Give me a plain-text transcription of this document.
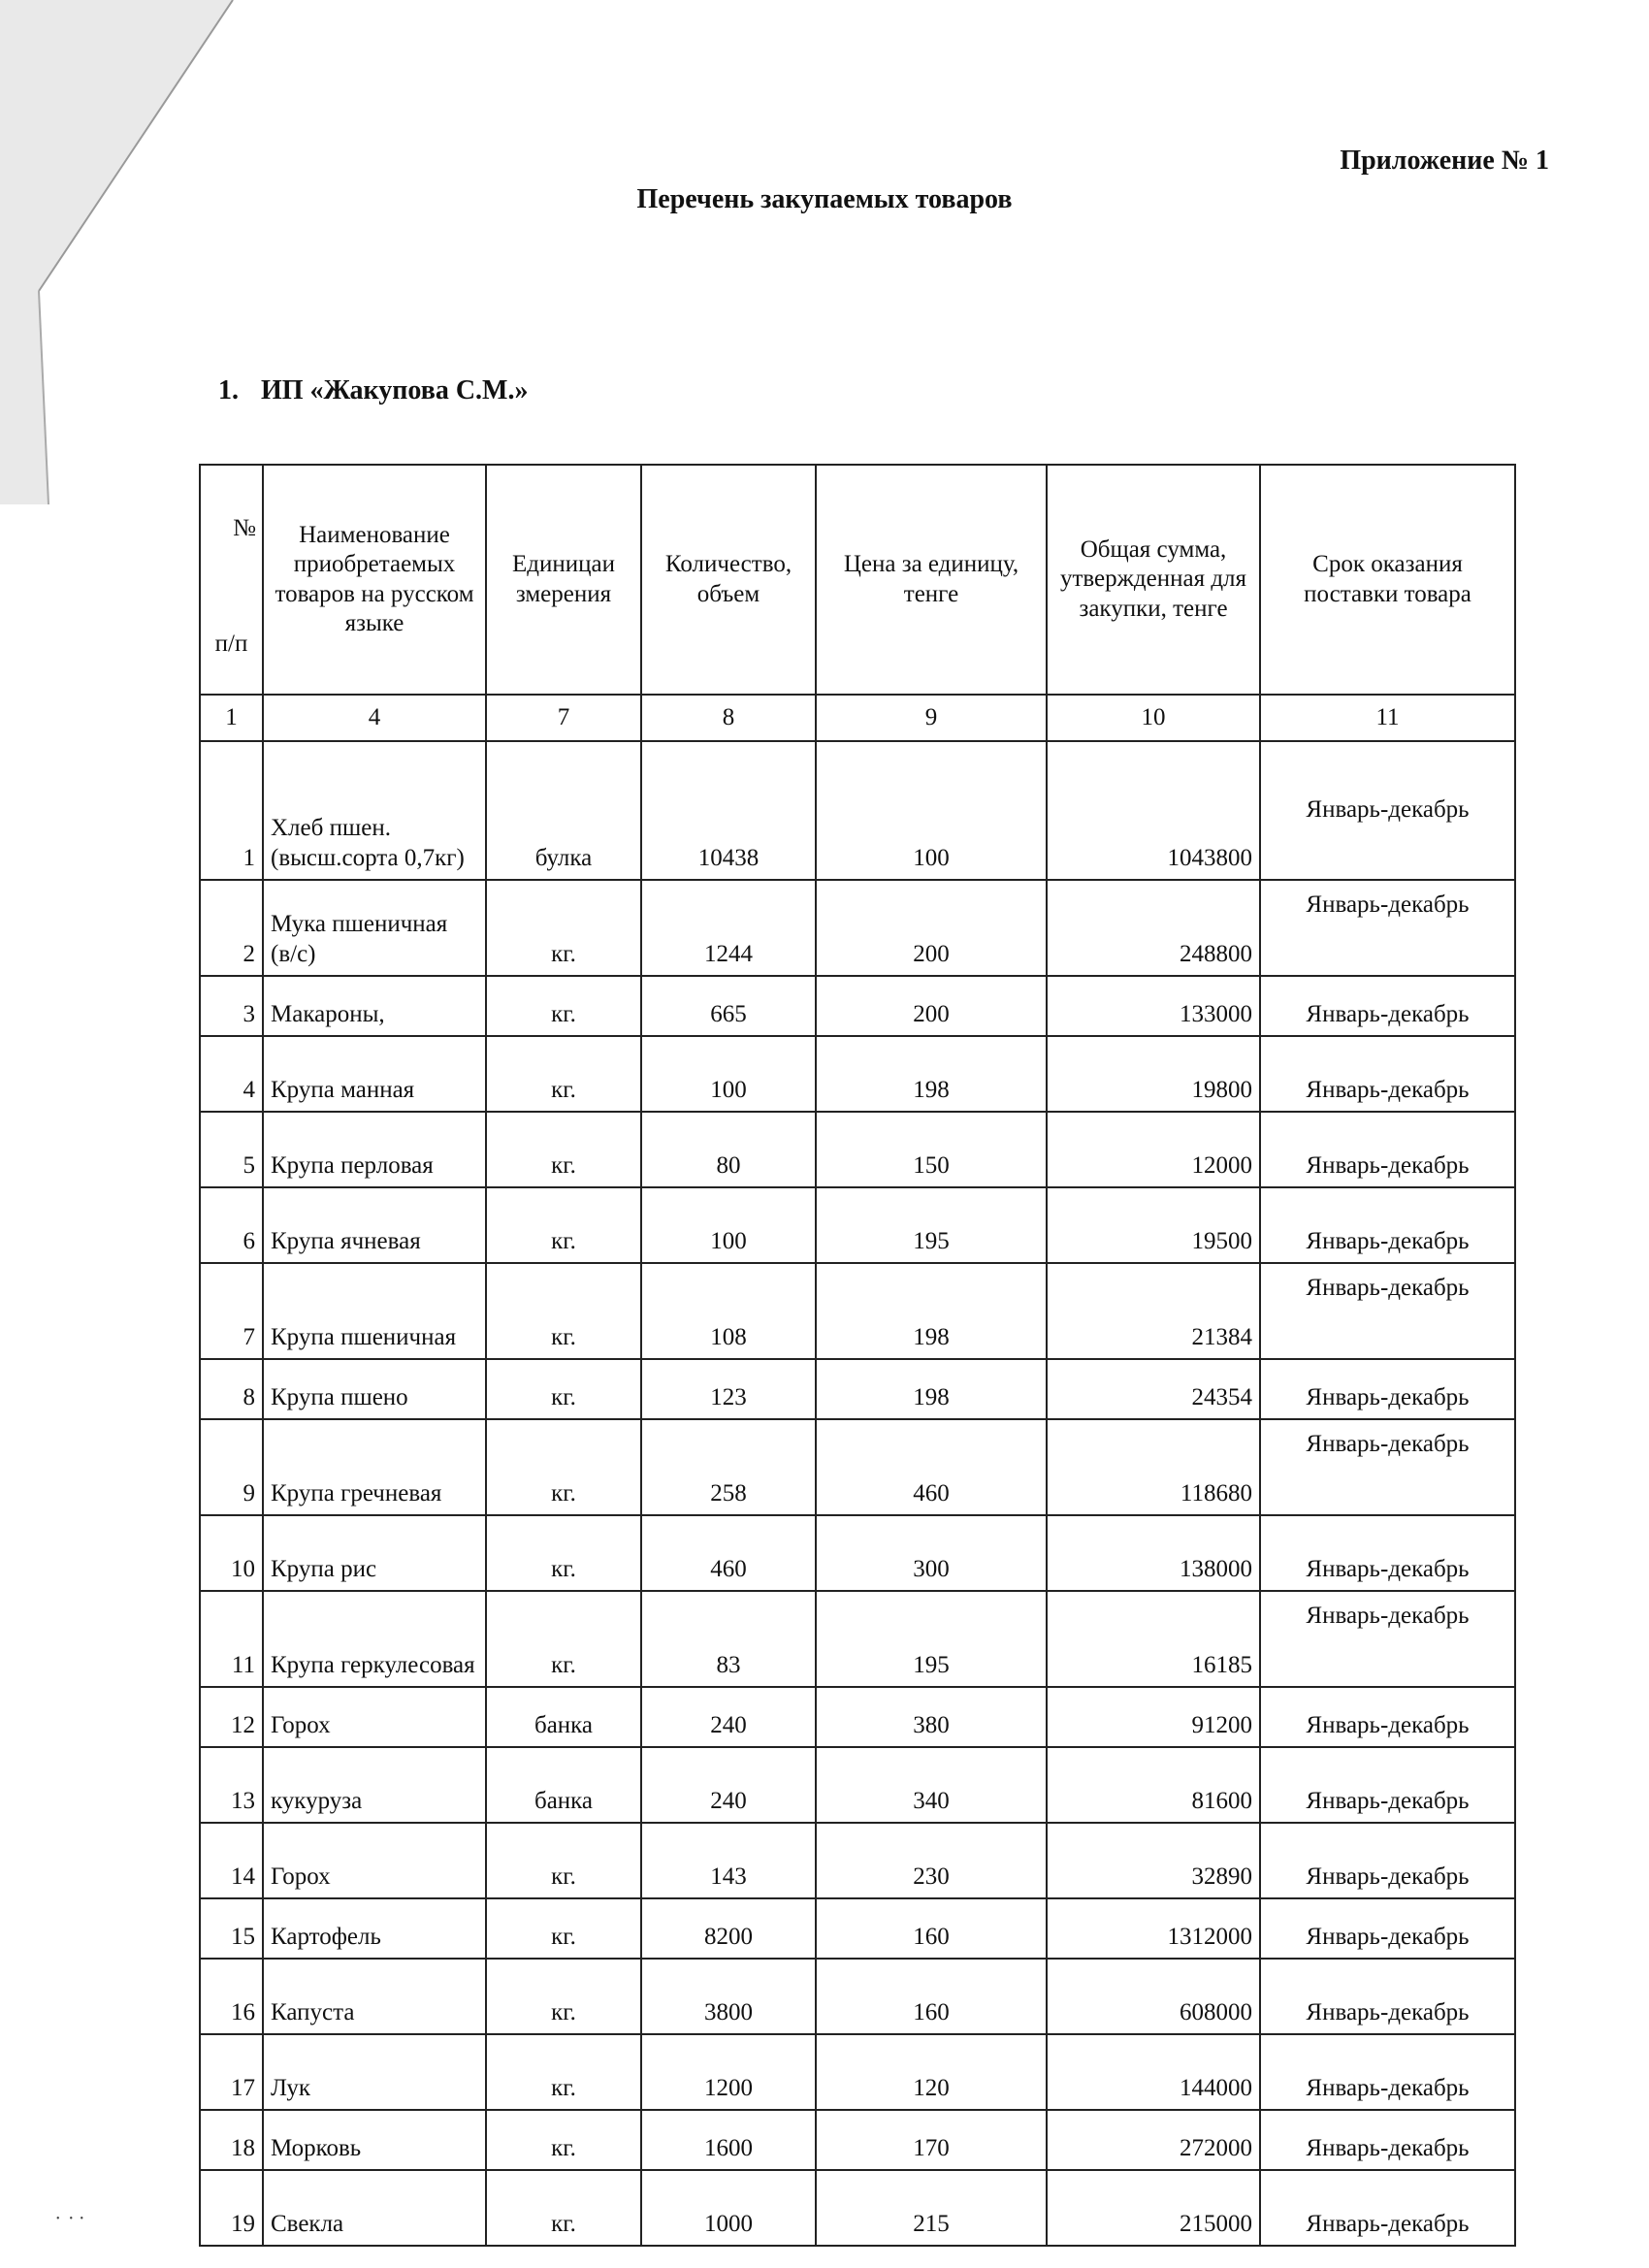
Приложение № 1
Перечень закупаемых товаров
1. ИП «Жакупова С.М.»
№
п/п	Наименование приобретаемых товаров на русском языке	Единицаи змерения	Количество, объем	Цена за единицу, тенге	Общая сумма, утвержденная для закупки, тенге	Срок оказания поставки товара
1	4	7	8	9	10	11
1	Хлеб пшен. (высш.сорта 0,7кг)	булка	10438	100	1043800	Январь-декабрь
2	Мука пшеничная (в/с)	кг.	1244	200	248800	Январь-декабрь
3	Макароны,	кг.	665	200	133000	Январь-декабрь
4	Крупа манная	кг.	100	198	19800	Январь-декабрь
5	Крупа перловая	кг.	80	150	12000	Январь-декабрь
6	Крупа ячневая	кг.	100	195	19500	Январь-декабрь
7	Крупа пшеничная	кг.	108	198	21384	Январь-декабрь
8	Крупа пшено	кг.	123	198	24354	Январь-декабрь
9	Крупа гречневая	кг.	258	460	118680	Январь-декабрь
10	Крупа рис	кг.	460	300	138000	Январь-декабрь
11	Крупа геркулесовая	кг.	83	195	16185	Январь-декабрь
12	Горох	банка	240	380	91200	Январь-декабрь
13	кукуруза	банка	240	340	81600	Январь-декабрь
14	Горох	кг.	143	230	32890	Январь-декабрь
15	Картофель	кг.	8200	160	1312000	Январь-декабрь
16	Капуста	кг.	3800	160	608000	Январь-декабрь
17	Лук	кг.	1200	120	144000	Январь-декабрь
18	Морковь	кг.	1600	170	272000	Январь-декабрь
19	Свекла	кг.	1000	215	215000	Январь-декабрь
•    •   •
